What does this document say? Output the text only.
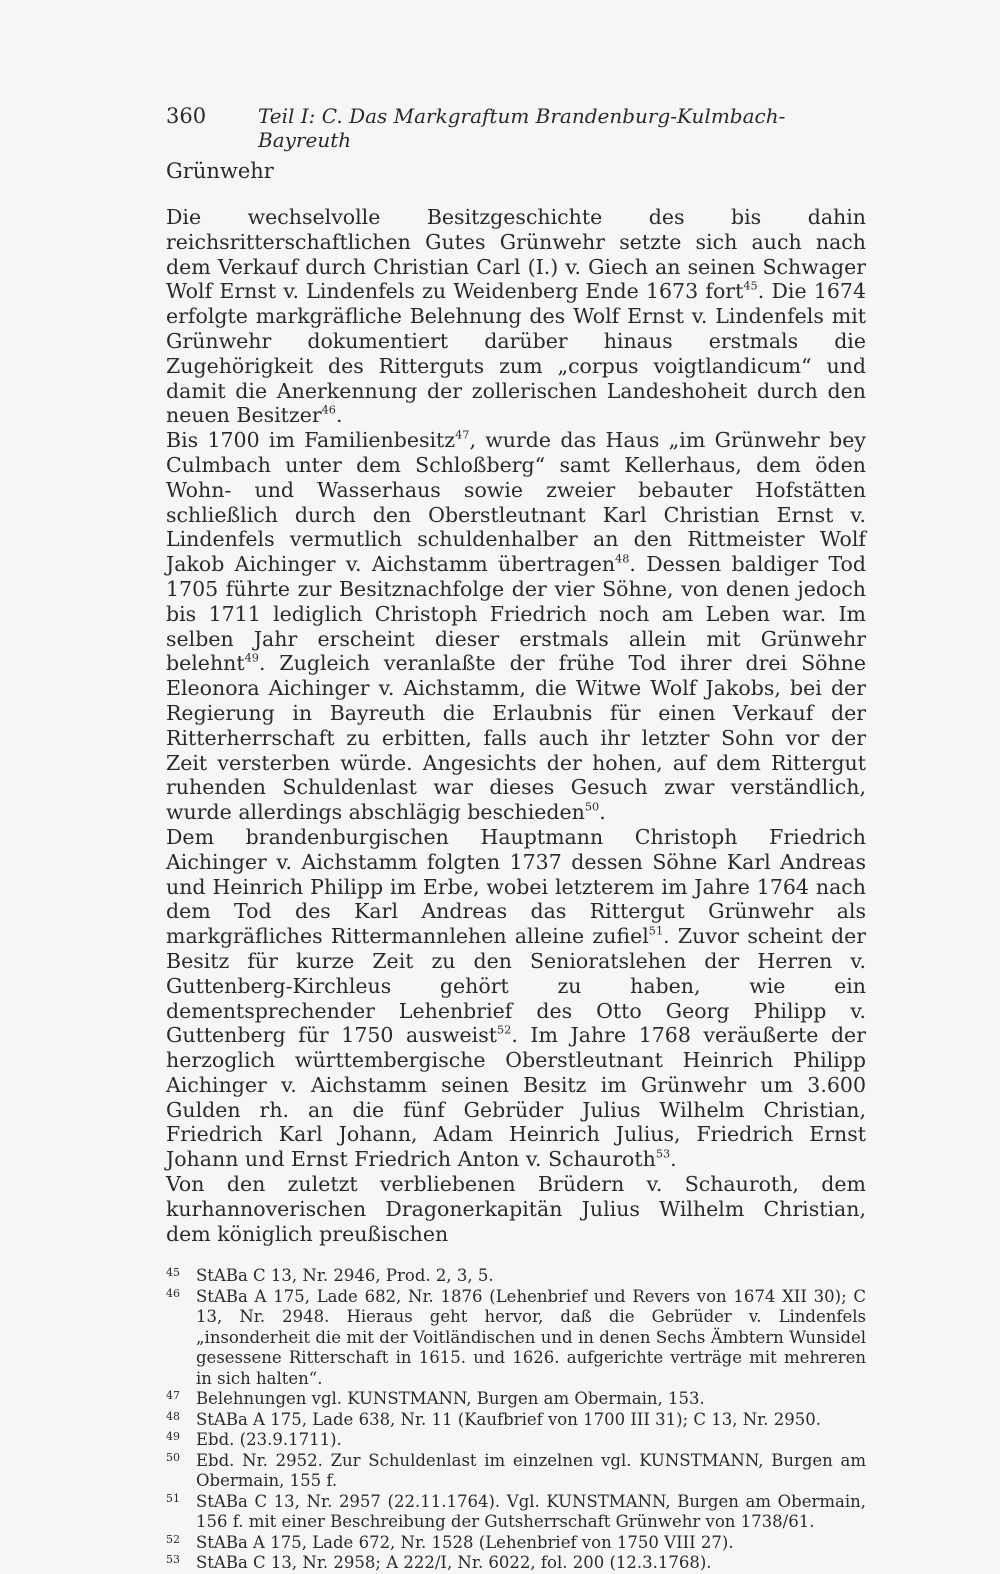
360	Teil I: C. Das Markgraftum Brandenburg-Kulmbach-Bayreuth
Grünwehr

Die wechselvolle Besitzgeschichte des bis dahin reichsritterschaftlichen Gutes Grünwehr setzte sich auch nach dem Verkauf durch Christian Carl (I.) v. Giech an seinen Schwager Wolf Ernst v. Lindenfels zu Weidenberg Ende 1673 fort$^{45}$. Die 1674 erfolgte markgräfliche Belehnung des Wolf Ernst v. Lindenfels mit Grünwehr dokumentiert darüber hinaus erstmals die Zugehörigkeit des Ritterguts zum „corpus voigtlandicum“ und damit die Anerkennung der zollerischen Landeshoheit durch den neuen Besitzer$^{46}$.

Bis 1700 im Familienbesitz$^{47}$, wurde das Haus „im Grünwehr bey Culmbach unter dem Schloßberg“ samt Kellerhaus, dem öden Wohn- und Wasserhaus sowie zweier bebauter Hofstätten schließlich durch den Oberstleutnant Karl Christian Ernst v. Lindenfels vermutlich schuldenhalber an den Rittmeister Wolf Jakob Aichinger v. Aichstamm übertragen$^{48}$. Dessen baldiger Tod 1705 führte zur Besitznachfolge der vier Söhne, von denen jedoch bis 1711 lediglich Christoph Friedrich noch am Leben war. Im selben Jahr erscheint dieser erstmals allein mit Grünwehr belehnt$^{49}$. Zugleich veranlaßte der frühe Tod ihrer drei Söhne Eleonora Aichinger v. Aichstamm, die Witwe Wolf Jakobs, bei der Regierung in Bayreuth die Erlaubnis für einen Verkauf der Ritterherrschaft zu erbitten, falls auch ihr letzter Sohn vor der Zeit versterben würde. Angesichts der hohen, auf dem Rittergut ruhenden Schuldenlast war dieses Gesuch zwar verständlich, wurde allerdings abschlägig beschieden$^{50}$.

Dem brandenburgischen Hauptmann Christoph Friedrich Aichinger v. Aichstamm folgten 1737 dessen Söhne Karl Andreas und Heinrich Philipp im Erbe, wobei letzterem im Jahre 1764 nach dem Tod des Karl Andreas das Rittergut Grünwehr als markgräfliches Rittermannlehen alleine zufiel$^{51}$. Zuvor scheint der Besitz für kurze Zeit zu den Senioratslehen der Herren v. Guttenberg-Kirchleus gehört zu haben, wie ein dementsprechender Lehenbrief des Otto Georg Philipp v. Guttenberg für 1750 ausweist$^{52}$. Im Jahre 1768 veräußerte der herzoglich württembergische Oberstleutnant Heinrich Philipp Aichinger v. Aichstamm seinen Besitz im Grünwehr um 3.600 Gulden rh. an die fünf Gebrüder Julius Wilhelm Christian, Friedrich Karl Johann, Adam Heinrich Julius, Friedrich Ernst Johann und Ernst Friedrich Anton v. Schauroth$^{53}$.

Von den zuletzt verbliebenen Brüdern v. Schauroth, dem kurhannoverischen Dragonerkapitän Julius Wilhelm Christian, dem königlich preußischen

45 StABa C 13, Nr. 2946, Prod. 2, 3, 5.
46 StABa A 175, Lade 682, Nr. 1876 (Lehenbrief und Revers von 1674 XII 30); C 13, Nr. 2948. Hieraus geht hervor, daß die Gebrüder v. Lindenfels „insonderheit die mit der Voitländischen und in denen Sechs Ämbtern Wunsidel gesessene Ritterschaft in 1615. und 1626. aufgerichte verträge mit mehreren in sich halten“.
47 Belehnungen vgl. KUNSTMANN, Burgen am Obermain, 153.
48 StABa A 175, Lade 638, Nr. 11 (Kaufbrief von 1700 III 31); C 13, Nr. 2950.
49 Ebd. (23.9.1711).
50 Ebd. Nr. 2952. Zur Schuldenlast im einzelnen vgl. KUNSTMANN, Burgen am Obermain, 155 f.
51 StABa C 13, Nr. 2957 (22.11.1764). Vgl. KUNSTMANN, Burgen am Obermain, 156 f. mit einer Beschreibung der Gutsherrschaft Grünwehr von 1738/61.
52 StABa A 175, Lade 672, Nr. 1528 (Lehenbrief von 1750 VIII 27).
53 StABa C 13, Nr. 2958; A 222/I, Nr. 6022, fol. 200 (12.3.1768).
